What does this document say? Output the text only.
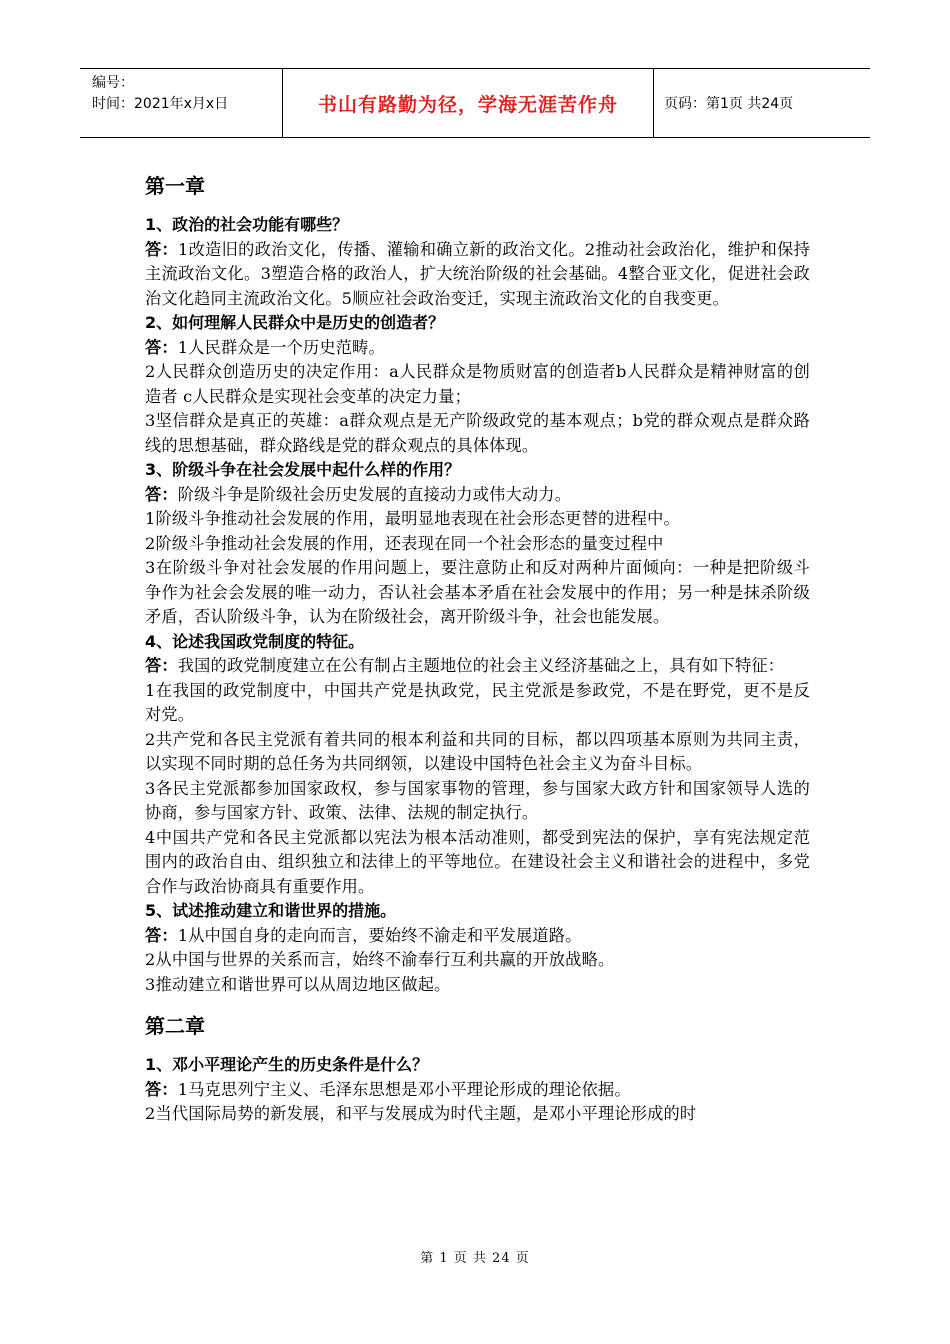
编号：
时间：2021年x月x日	书山有路勤为径，学海无涯苦作舟	页码：第1页 共24页
第一章
1、政治的社会功能有哪些？
答：1改造旧的政治文化，传播、灌输和确立新的政治文化。2推动社会政治化，维护和保持主流政治文化。3塑造合格的政治人，扩大统治阶级的社会基础。4整合亚文化，促进社会政治文化趋同主流政治文化。5顺应社会政治变迁，实现主流政治文化的自我变更。
2、如何理解人民群众中是历史的创造者？
答：1人民群众是一个历史范畴。
2人民群众创造历史的决定作用：a人民群众是物质财富的创造者b人民群众是精神财富的创造者 c人民群众是实现社会变革的决定力量；
3坚信群众是真正的英雄：a群众观点是无产阶级政党的基本观点；b党的群众观点是群众路线的思想基础，群众路线是党的群众观点的具体体现。
3、阶级斗争在社会发展中起什么样的作用？
答：阶级斗争是阶级社会历史发展的直接动力或伟大动力。
1阶级斗争推动社会发展的作用，最明显地表现在社会形态更替的进程中。
2阶级斗争推动社会发展的作用，还表现在同一个社会形态的量变过程中
3在阶级斗争对社会发展的作用问题上，要注意防止和反对两种片面倾向：一种是把阶级斗争作为社会会发展的唯一动力，否认社会基本矛盾在社会发展中的作用；另一种是抹杀阶级矛盾，否认阶级斗争，认为在阶级社会，离开阶级斗争，社会也能发展。
4、论述我国政党制度的特征。
答：我国的政党制度建立在公有制占主题地位的社会主义经济基础之上，具有如下特征：
1在我国的政党制度中，中国共产党是执政党，民主党派是参政党，不是在野党，更不是反对党。
2共产党和各民主党派有着共同的根本利益和共同的目标，都以四项基本原则为共同主责，以实现不同时期的总任务为共同纲领，以建设中国特色社会主义为奋斗目标。
3各民主党派都参加国家政权，参与国家事物的管理，参与国家大政方针和国家领导人选的协商，参与国家方针、政策、法律、法规的制定执行。
4中国共产党和各民主党派都以宪法为根本活动准则，都受到宪法的保护，享有宪法规定范围内的政治自由、组织独立和法律上的平等地位。在建设社会主义和谐社会的进程中，多党合作与政治协商具有重要作用。
5、试述推动建立和谐世界的措施。
答：1从中国自身的走向而言，要始终不渝走和平发展道路。
2从中国与世界的关系而言，始终不渝奉行互利共赢的开放战略。
3推动建立和谐世界可以从周边地区做起。
第二章
1、邓小平理论产生的历史条件是什么？
答：1马克思列宁主义、毛泽东思想是邓小平理论形成的理论依据。
2当代国际局势的新发展，和平与发展成为时代主题，是邓小平理论形成的时
第 1 页 共 24 页
